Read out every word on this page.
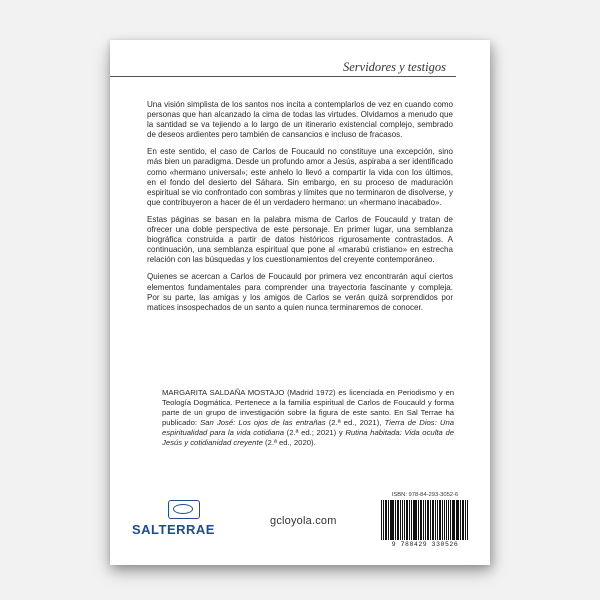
Servidores y testigos

Una visión simplista de los santos nos incita a contemplarlos de vez en cuando como personas que han alcanzado la cima de todas las virtudes. Olvidamos a menudo que la santidad se va tejiendo a lo largo de un itinerario existencial complejo, sembrado de deseos ardientes pero también de cansancios e incluso de fracasos.

En este sentido, el caso de Carlos de Foucauld no constituye una excepción, sino más bien un paradigma. Desde un profundo amor a Jesús, aspiraba a ser identificado como «hermano universal»; este anhelo lo llevó a compartir la vida con los últimos, en el fondo del desierto del Sáhara. Sin embargo, en su proceso de maduración espiritual se vio confrontado con sombras y límites que no terminaron de disolverse, y que contribuyeron a hacer de él un verdadero hermano: un «hermano inacabado».

Estas páginas se basan en la palabra misma de Carlos de Foucauld y tratan de ofrecer una doble perspectiva de este personaje. En primer lugar, una semblanza biográfica construida a partir de datos históricos rigurosamente contrastados. A continuación, una semblanza espiritual que pone al «marabú cristiano» en estrecha relación con las búsquedas y los cuestionamientos del creyente contemporáneo.

Quienes se acercan a Carlos de Foucauld por primera vez encontrarán aquí ciertos elementos fundamentales para comprender una trayectoria fascinante y compleja. Por su parte, las amigas y los amigos de Carlos se verán quizá sorprendidos por matices insospechados de un santo a quien nunca terminaremos de conocer.

MARGARITA SALDAÑA MOSTAJO (Madrid 1972) es licenciada en Periodismo y en Teología Dogmática. Pertenece a la familia espiritual de Carlos de Foucauld y forma parte de un grupo de investigación sobre la figura de este santo. En Sal Terrae ha publicado: San José: Los ojos de las entrañas (2.ª ed., 2021), Tierra de Dios: Una espiritualidad para la vida cotidiana (2.ª ed.; 2021) y Rutina habitada: Vida oculta de Jesús y cotidianidad creyente (2.ª ed., 2020).

SALTERRAE
gcloyola.com
ISBN: 978-84-293-3052-6
9 788429 330526
